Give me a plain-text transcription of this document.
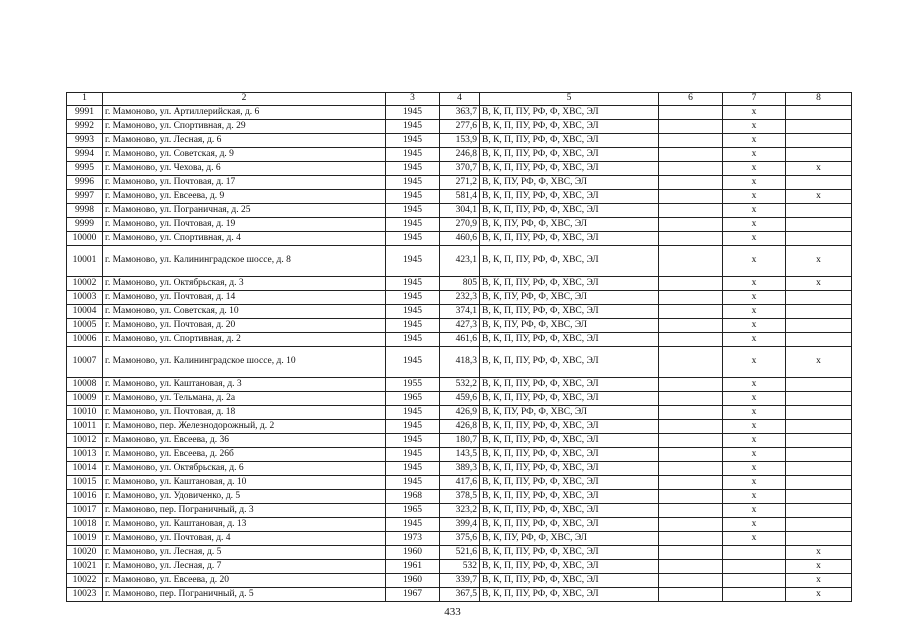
1	2	3	4	5	6	7	8
9991	г. Мамоново, ул. Артиллерийская, д. 6	1945	363,7	В, К, П, ПУ, РФ, Ф, ХВС, ЭЛ		x	
9992	г. Мамоново, ул. Спортивная, д. 29	1945	277,6	В, К, П, ПУ, РФ, Ф, ХВС, ЭЛ		x	
9993	г. Мамоново, ул. Лесная, д. 6	1945	153,9	В, К, П, ПУ, РФ, Ф, ХВС, ЭЛ		x	
9994	г. Мамоново, ул. Советская, д. 9	1945	246,8	В, К, П, ПУ, РФ, Ф, ХВС, ЭЛ		x	
9995	г. Мамоново, ул. Чехова, д. 6	1945	370,7	В, К, П, ПУ, РФ, Ф, ХВС, ЭЛ		x	x
9996	г. Мамоново, ул. Почтовая, д. 17	1945	271,2	В, К, ПУ, РФ, Ф, ХВС, ЭЛ		x	
9997	г. Мамоново, ул. Евсеева, д. 9	1945	581,4	В, К, П, ПУ, РФ, Ф, ХВС, ЭЛ		x	x
9998	г. Мамоново, ул. Пограничная, д. 25	1945	304,1	В, К, П, ПУ, РФ, Ф, ХВС, ЭЛ		x	
9999	г. Мамоново, ул. Почтовая, д. 19	1945	270,9	В, К, ПУ, РФ, Ф, ХВС, ЭЛ		x	
10000	г. Мамоново, ул. Спортивная, д. 4	1945	460,6	В, К, П, ПУ, РФ, Ф, ХВС, ЭЛ		x	
10001	г. Мамоново, ул. Калининградское шоссе, д. 8	1945	423,1	В, К, П, ПУ, РФ, Ф, ХВС, ЭЛ		x	x
10002	г. Мамоново, ул. Октябрьская, д. 3	1945	805	В, К, П, ПУ, РФ, Ф, ХВС, ЭЛ		x	x
10003	г. Мамоново, ул. Почтовая, д. 14	1945	232,3	В, К, ПУ, РФ, Ф, ХВС, ЭЛ		x	
10004	г. Мамоново, ул. Советская, д. 10	1945	374,1	В, К, П, ПУ, РФ, Ф, ХВС, ЭЛ		x	
10005	г. Мамоново, ул. Почтовая, д. 20	1945	427,3	В, К, ПУ, РФ, Ф, ХВС, ЭЛ		x	
10006	г. Мамоново, ул. Спортивная, д. 2	1945	461,6	В, К, П, ПУ, РФ, Ф, ХВС, ЭЛ		x	
10007	г. Мамоново, ул. Калининградское шоссе, д. 10	1945	418,3	В, К, П, ПУ, РФ, Ф, ХВС, ЭЛ		x	x
10008	г. Мамоново, ул. Каштановая, д. 3	1955	532,2	В, К, П, ПУ, РФ, Ф, ХВС, ЭЛ		x	
10009	г. Мамоново, ул. Тельмана, д. 2а	1965	459,6	В, К, П, ПУ, РФ, Ф, ХВС, ЭЛ		x	
10010	г. Мамоново, ул. Почтовая, д. 18	1945	426,9	В, К, ПУ, РФ, Ф, ХВС, ЭЛ		x	
10011	г. Мамоново, пер. Железнодорожный, д. 2	1945	426,8	В, К, П, ПУ, РФ, Ф, ХВС, ЭЛ		x	
10012	г. Мамоново, ул. Евсеева, д. 36	1945	180,7	В, К, П, ПУ, РФ, Ф, ХВС, ЭЛ		x	
10013	г. Мамоново, ул. Евсеева, д. 26б	1945	143,5	В, К, П, ПУ, РФ, Ф, ХВС, ЭЛ		x	
10014	г. Мамоново, ул. Октябрьская, д. 6	1945	389,3	В, К, П, ПУ, РФ, Ф, ХВС, ЭЛ		x	
10015	г. Мамоново, ул. Каштановая, д. 10	1945	417,6	В, К, П, ПУ, РФ, Ф, ХВС, ЭЛ		x	
10016	г. Мамоново, ул. Удовиченко, д. 5	1968	378,5	В, К, П, ПУ, РФ, Ф, ХВС, ЭЛ		x	
10017	г. Мамоново, пер. Пограничный, д. 3	1965	323,2	В, К, П, ПУ, РФ, Ф, ХВС, ЭЛ		x	
10018	г. Мамоново, ул. Каштановая, д. 13	1945	399,4	В, К, П, ПУ, РФ, Ф, ХВС, ЭЛ		x	
10019	г. Мамоново, ул. Почтовая, д. 4	1973	375,6	В, К, ПУ, РФ, Ф, ХВС, ЭЛ		x	
10020	г. Мамоново, ул. Лесная, д. 5	1960	521,6	В, К, П, ПУ, РФ, Ф, ХВС, ЭЛ			x
10021	г. Мамоново, ул. Лесная, д. 7	1961	532	В, К, П, ПУ, РФ, Ф, ХВС, ЭЛ			x
10022	г. Мамоново, ул. Евсеева, д. 20	1960	339,7	В, К, П, ПУ, РФ, Ф, ХВС, ЭЛ			x
10023	г. Мамоново, пер. Пограничный, д. 5	1967	367,5	В, К, П, ПУ, РФ, Ф, ХВС, ЭЛ			x
433
